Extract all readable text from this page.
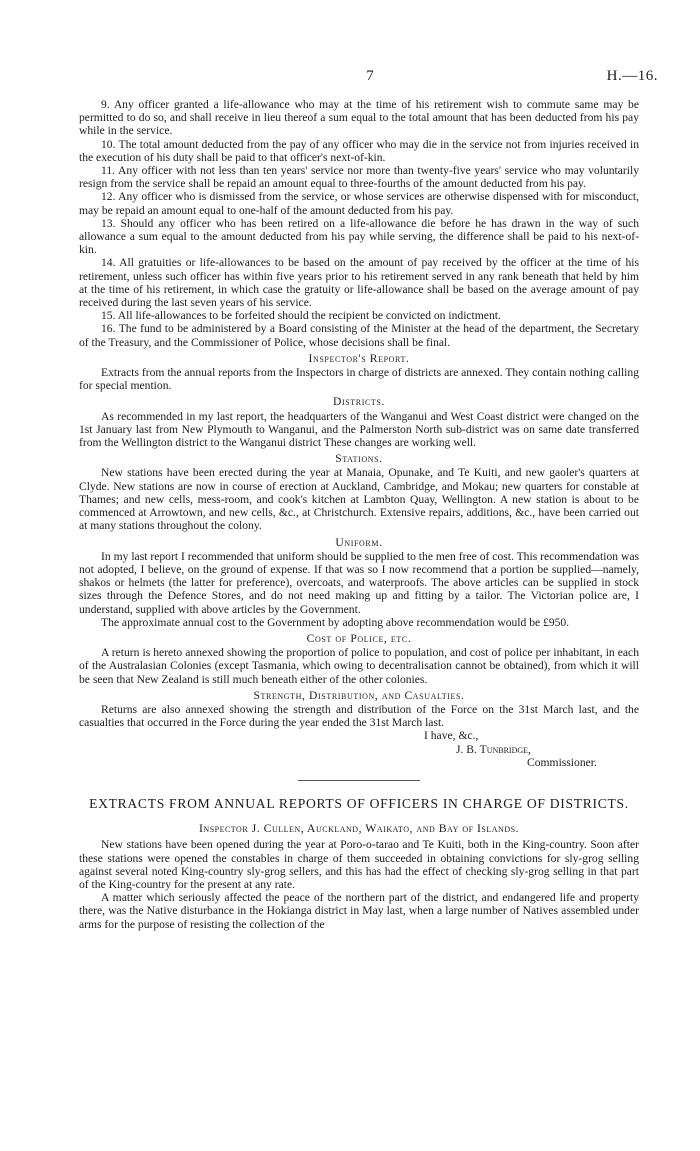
7	H.—16.

9. Any officer granted a life-allowance who may at the time of his retirement wish to commute same may be permitted to do so, and shall receive in lieu thereof a sum equal to the total amount that has been deducted from his pay while in the service.

10. The total amount deducted from the pay of any officer who may die in the service not from injuries received in the execution of his duty shall be paid to that officer's next-of-kin.

11. Any officer with not less than ten years' service nor more than twenty-five years' service who may voluntarily resign from the service shall be repaid an amount equal to three-fourths of the amount deducted from his pay.

12. Any officer who is dismissed from the service, or whose services are otherwise dispensed with for misconduct, may be repaid an amount equal to one-half of the amount deducted from his pay.

13. Should any officer who has been retired on a life-allowance die before he has drawn in the way of such allowance a sum equal to the amount deducted from his pay while serving, the difference shall be paid to his next-of-kin.

14. All gratuities or life-allowances to be based on the amount of pay received by the officer at the time of his retirement, unless such officer has within five years prior to his retirement served in any rank beneath that held by him at the time of his retirement, in which case the gratuity or life-allowance shall be based on the average amount of pay received during the last seven years of his service.

15. All life-allowances to be forfeited should the recipient be convicted on indictment.

16. The fund to be administered by a Board consisting of the Minister at the head of the department, the Secretary of the Treasury, and the Commissioner of Police, whose decisions shall be final.

Inspector's Report.

Extracts from the annual reports from the Inspectors in charge of districts are annexed. They contain nothing calling for special mention.

Districts.

As recommended in my last report, the headquarters of the Wanganui and West Coast district were changed on the 1st January last from New Plymouth to Wanganui, and the Palmerston North sub-district was on same date transferred from the Wellington district to the Wanganui district These changes are working well.

Stations.

New stations have been erected during the year at Manaia, Opunake, and Te Kuiti, and new gaoler's quarters at Clyde. New stations are now in course of erection at Auckland, Cambridge, and Mokau; new quarters for constable at Thames; and new cells, mess-room, and cook's kitchen at Lambton Quay, Wellington. A new station is about to be commenced at Arrowtown, and new cells, &c., at Christchurch. Extensive repairs, additions, &c., have been carried out at many stations throughout the colony.

Uniform.

In my last report I recommended that uniform should be supplied to the men free of cost. This recommendation was not adopted, I believe, on the ground of expense. If that was so I now recommend that a portion be supplied—namely, shakos or helmets (the latter for preference), overcoats, and waterproofs. The above articles can be supplied in stock sizes through the Defence Stores, and do not need making up and fitting by a tailor. The Victorian police are, I understand, supplied with above articles by the Government.

The approximate annual cost to the Government by adopting above recommendation would be £950.

Cost of Police, etc.

A return is hereto annexed showing the proportion of police to population, and cost of police per inhabitant, in each of the Australasian Colonies (except Tasmania, which owing to decentralisation cannot be obtained), from which it will be seen that New Zealand is still much beneath either of the other colonies.

Strength, Distribution, and Casualties.

Returns are also annexed showing the strength and distribution of the Force on the 31st March last, and the casualties that occurred in the Force during the year ended the 31st March last.

I have, &c.,
J. B. Tunbridge,
Commissioner.

EXTRACTS FROM ANNUAL REPORTS OF OFFICERS IN CHARGE OF DISTRICTS.

Inspector J. Cullen, Auckland, Waikato, and Bay of Islands.

New stations have been opened during the year at Poro-o-tarao and Te Kuiti, both in the King-country. Soon after these stations were opened the constables in charge of them succeeded in obtaining convictions for sly-grog selling against several noted King-country sly-grog sellers, and this has had the effect of checking sly-grog selling in that part of the King-country for the present at any rate.

A matter which seriously affected the peace of the northern part of the district, and endangered life and property there, was the Native disturbance in the Hokianga district in May last, when a large number of Natives assembled under arms for the purpose of resisting the collection of the
